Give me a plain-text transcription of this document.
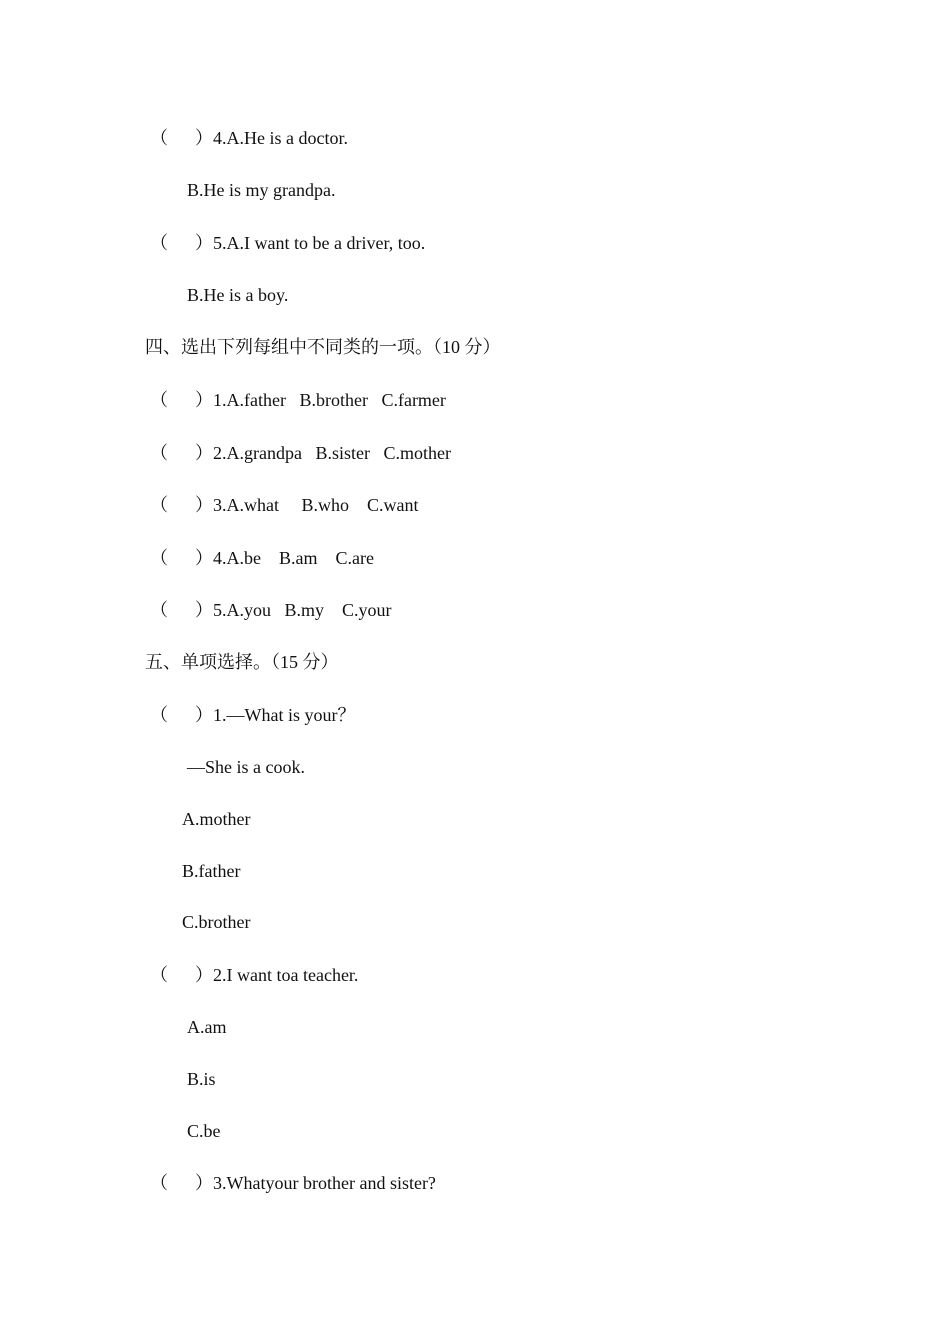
（      ）4.A.He is a doctor.

B.He is my grandpa.

（      ）5.A.I want to be a driver, too.

B.He is a boy.

四、选出下列每组中不同类的一项。（10 分）

（      ）1.A.father   B.brother   C.farmer

（      ）2.A.grandpa   B.sister   C.mother

（      ）3.A.what     B.who    C.want

（      ）4.A.be    B.am    C.are

（      ）5.A.you   B.my    C.your

五、单项选择。（15 分）

（      ）1.—What is your？

—She is a cook.

A.mother

B.father

C.brother

（      ）2.I want toa teacher.

A.am

B.is

C.be

（      ）3.Whatyour brother and sister?
